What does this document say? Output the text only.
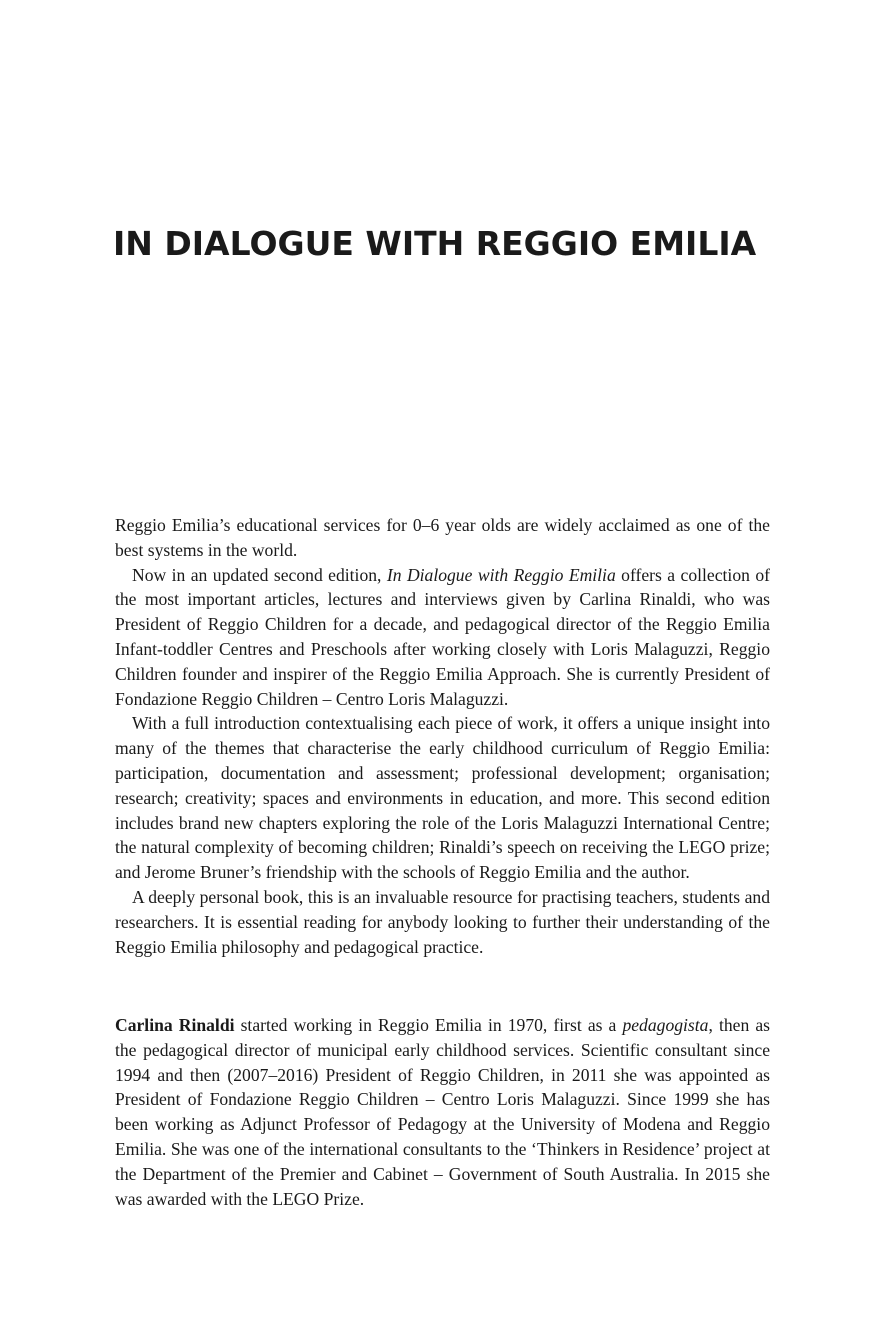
IN DIALOGUE WITH REGGIO EMILIA

Reggio Emilia’s educational services for 0–6 year olds are widely acclaimed as one of the best systems in the world.

Now in an updated second edition, In Dialogue with Reggio Emilia offers a collection of the most important articles, lectures and interviews given by Carlina Rinaldi, who was President of Reggio Children for a decade, and pedagogical director of the Reggio Emilia Infant-toddler Centres and Preschools after working closely with Loris Malaguzzi, Reggio Children founder and inspirer of the Reggio Emilia Approach. She is currently President of Fondazione Reggio Children – Centro Loris Malaguzzi.

With a full introduction contextualising each piece of work, it offers a unique insight into many of the themes that characterise the early childhood curriculum of Reggio Emilia: participation, documentation and assessment; professional development; organisation; research; creativity; spaces and environments in education, and more. This second edition includes brand new chapters exploring the role of the Loris Malaguzzi International Centre; the natural complexity of becoming children; Rinaldi’s speech on receiving the LEGO prize; and Jerome Bruner’s friendship with the schools of Reggio Emilia and the author.

A deeply personal book, this is an invaluable resource for practising teachers, students and researchers. It is essential reading for anybody looking to further their understanding of the Reggio Emilia philosophy and pedagogical practice.

Carlina Rinaldi started working in Reggio Emilia in 1970, first as a pedagogista, then as the pedagogical director of municipal early childhood services. Scientific consultant since 1994 and then (2007–2016) President of Reggio Children, in 2011 she was appointed as President of Fondazione Reggio Children – Centro Loris Malaguzzi. Since 1999 she has been working as Adjunct Professor of Pedagogy at the University of Modena and Reggio Emilia. She was one of the international consultants to the ‘Thinkers in Residence’ project at the Department of the Premier and Cabinet – Government of South Australia. In 2015 she was awarded with the LEGO Prize.
